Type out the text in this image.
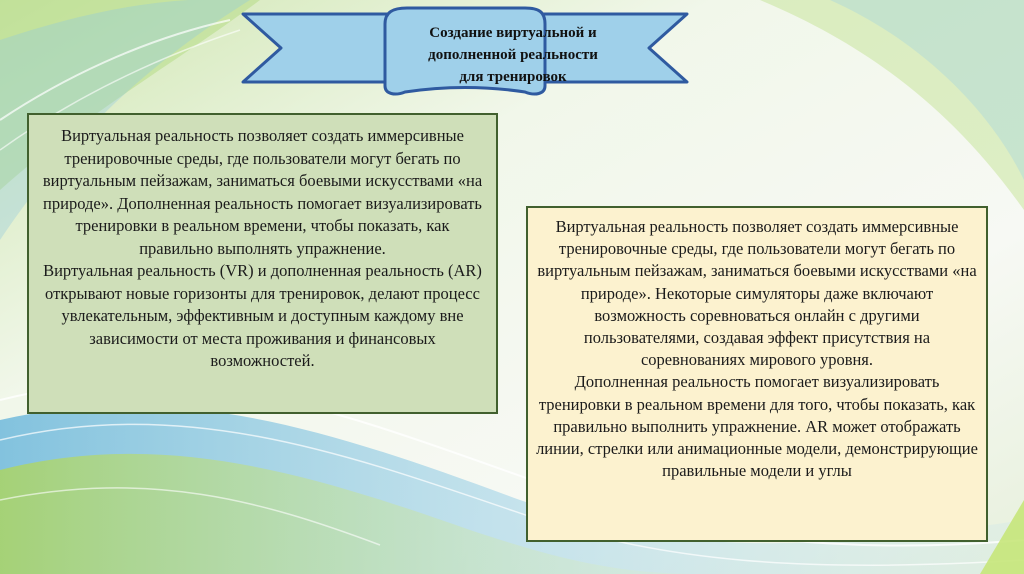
Создание виртуальной и
дополненной реальности
для тренировок

Виртуальная реальность позволяет создать иммерсивные тренировочные среды, где пользователи могут бегать по виртуальным пейзажам, заниматься боевыми искусствами «на природе». Дополненная реальность помогает визуализировать тренировки в реальном времени, чтобы показать, как правильно выполнять упражнение.

Виртуальная реальность (VR) и дополненная реальность (AR) открывают новые горизонты для тренировок, делают процесс увлекательным, эффективным и доступным каждому вне зависимости от места проживания и финансовых возможностей.

Виртуальная реальность позволяет создать иммерсивные тренировочные среды, где пользователи могут бегать по виртуальным пейзажам, заниматься боевыми искусствами «на природе». Некоторые симуляторы даже включают возможность соревноваться онлайн с другими пользователями, создавая эффект присутствия на соревнованиях мирового уровня.

Дополненная реальность помогает визуализировать тренировки в реальном времени для того, чтобы показать, как правильно выполнить упражнение. AR может отображать линии, стрелки или анимационные модели, демонстрирующие правильные модели и углы
